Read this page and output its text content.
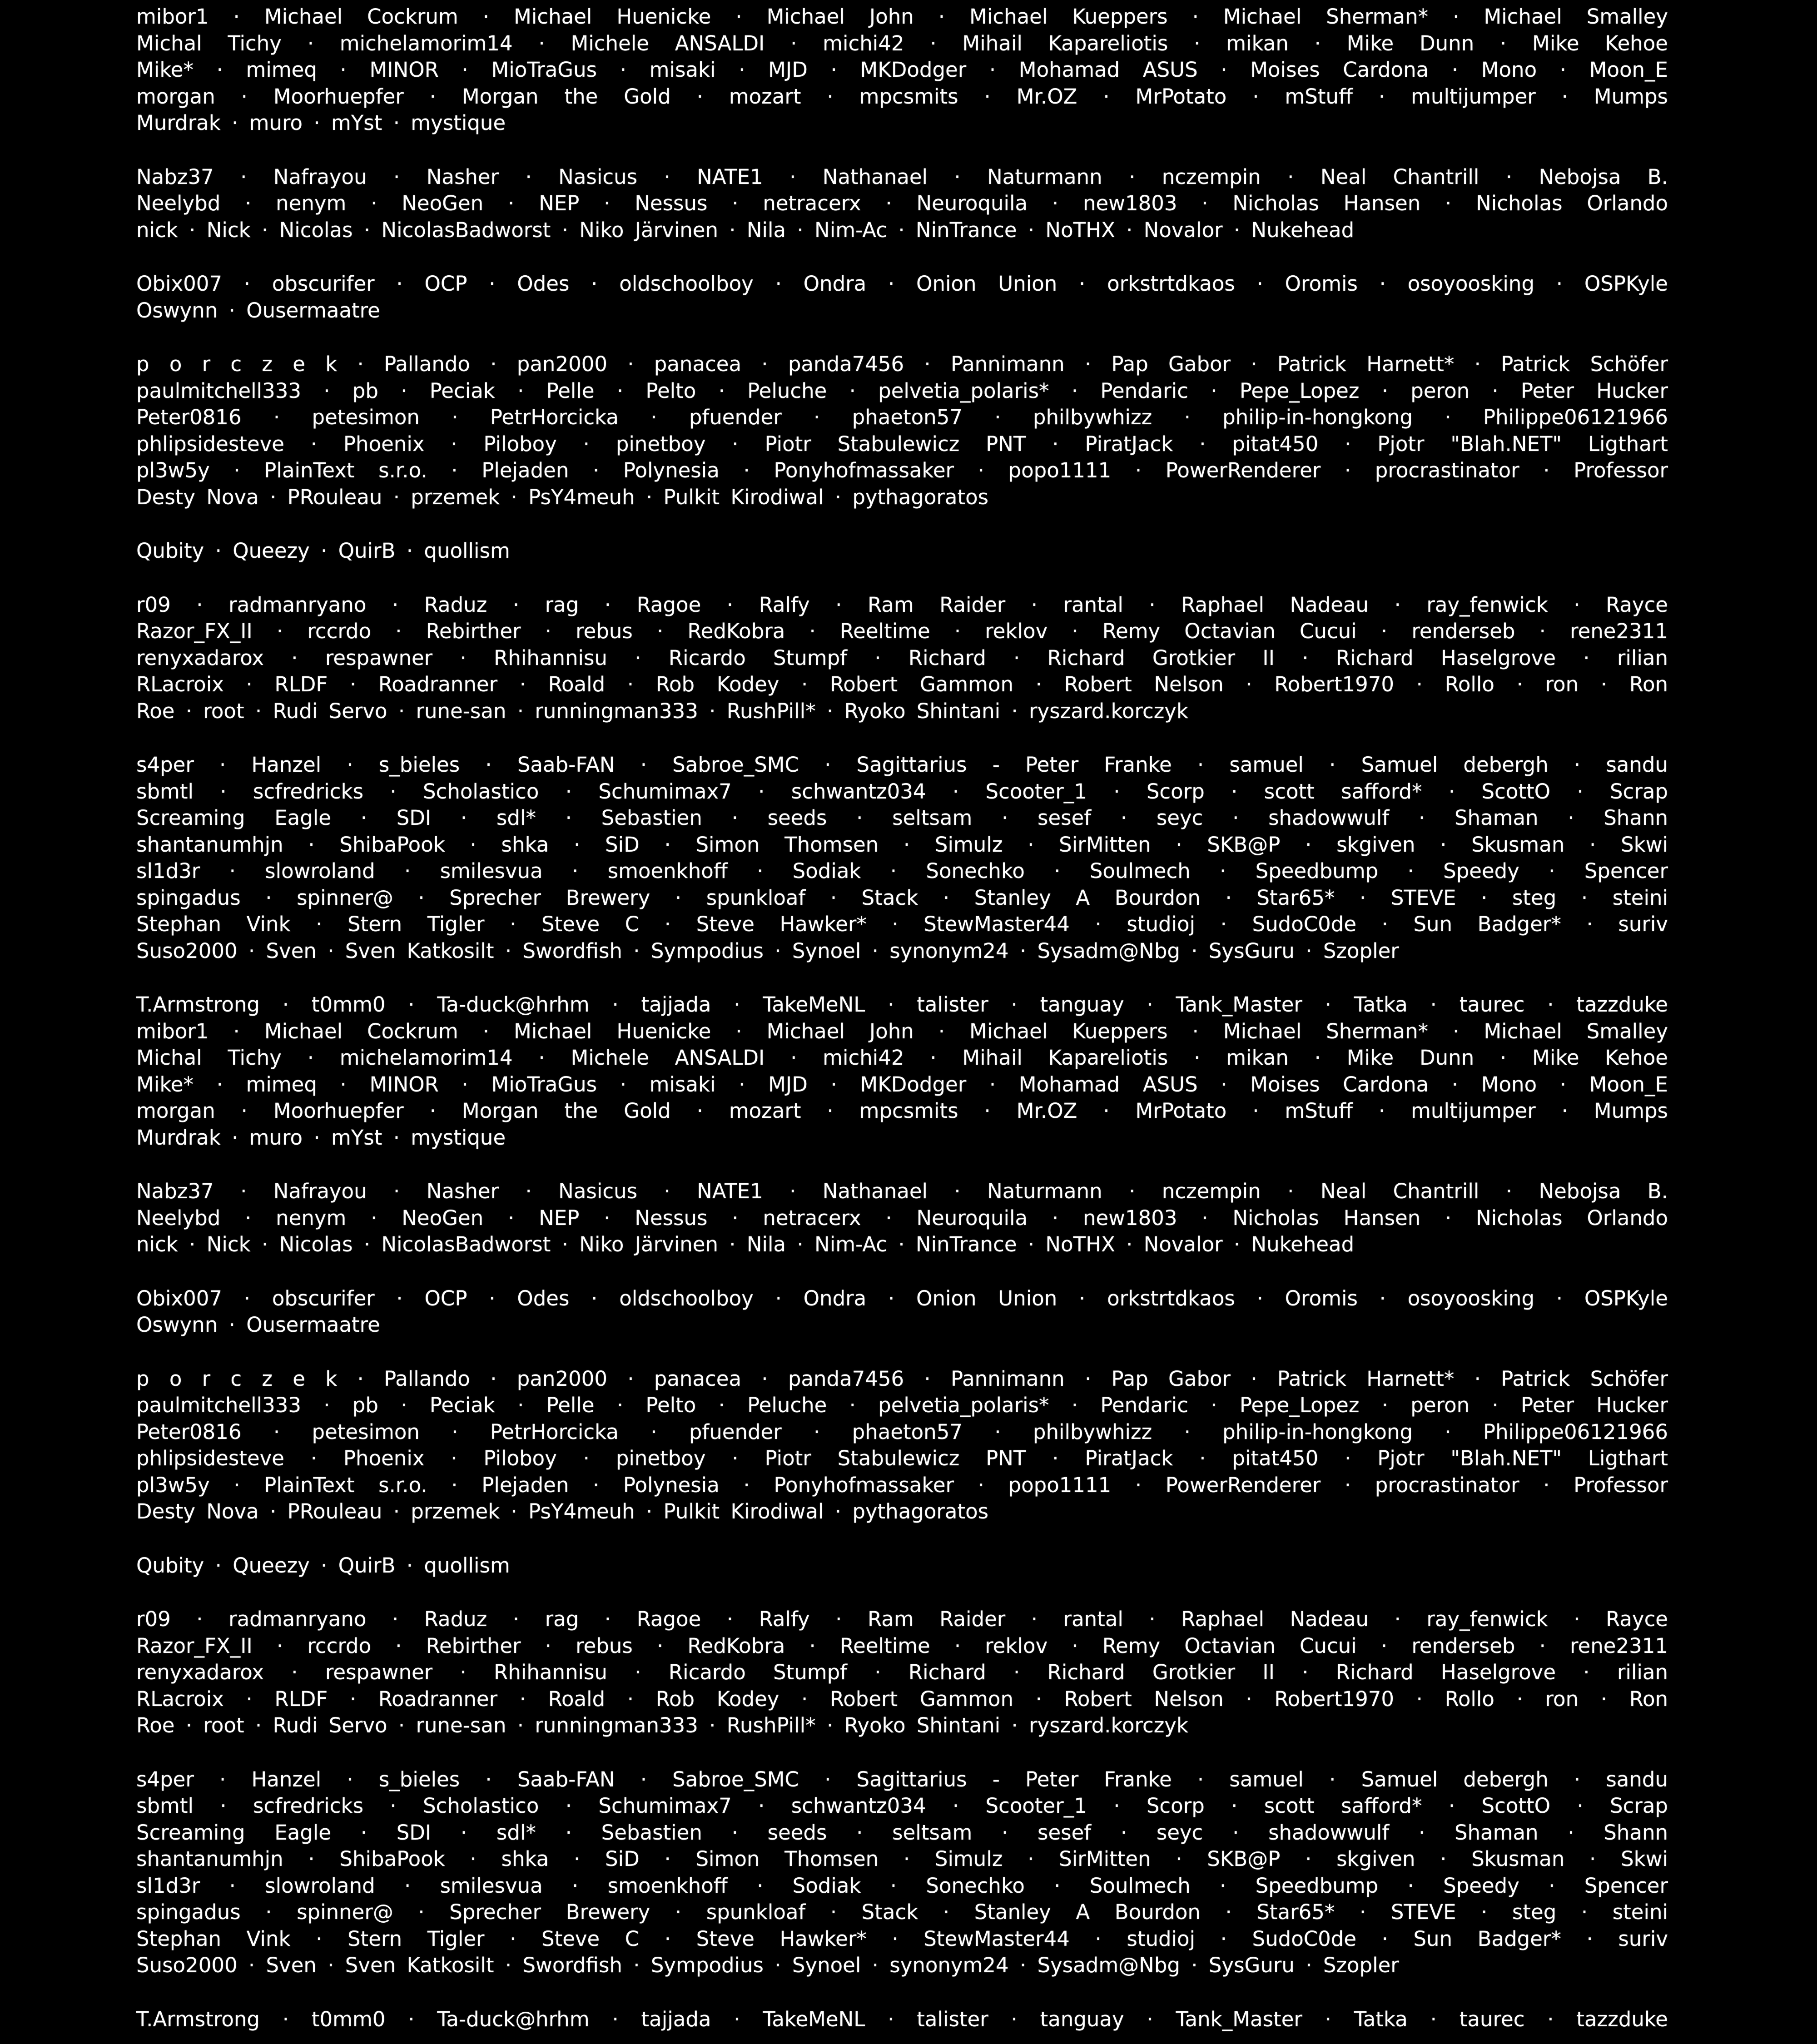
mibor1 · Michael Cockrum · Michael Huenicke · Michael John · Michael Kueppers · Michael Sherman* · Michael Smalley
Michal Tichy · michelamorim14 · Michele ANSALDI · michi42 · Mihail Kapareliotis · mikan · Mike Dunn · Mike Kehoe
Mike* · mimeq · MINOR · MioTraGus · misaki · MJD · MKDodger · Mohamad ASUS · Moises Cardona · Mono · Moon_E
morgan · Moorhuepfer · Morgan the Gold · mozart · mpcsmits · Mr.OZ · MrPotato · mStuff · multijumper · Mumps
Murdrak · muro · mYst · mystique
Nabz37 · Nafrayou · Nasher · Nasicus · NATE1 · Nathanael · Naturmann · nczempin · Neal Chantrill · Nebojsa B.
Neelybd · nenym · NeoGen · NEP · Nessus · netracerx · Neuroquila · new1803 · Nicholas Hansen · Nicholas Orlando
nick · Nick · Nicolas · NicolasBadworst · Niko Järvinen · Nila · Nim-Ac · NinTrance · NoTHX · Novalor · Nukehead
Obix007 · obscurifer · OCP · Odes · oldschoolboy · Ondra · Onion Union · orkstrtdkaos · Oromis · osoyoosking · OSPKyle
Oswynn · Ousermaatre
p o r c z e k · Pallando · pan2000 · panacea · panda7456 · Pannimann · Pap Gabor · Patrick Harnett* · Patrick Schöfer
paulmitchell333 · pb · Peciak · Pelle · Pelto · Peluche · pelvetia_polaris* · Pendaric · Pepe_Lopez · peron · Peter Hucker
Peter0816 · petesimon · PetrHorcicka · pfuender · phaeton57 · philbywhizz · philip-in-hongkong · Philippe06121966
phlipsidesteve · Phoenix · Piloboy · pinetboy · Piotr Stabulewicz PNT · PiratJack · pitat450 · Pjotr "Blah.NET" Ligthart
pl3w5y · PlainText s.r.o. · Plejaden · Polynesia · Ponyhofmassaker · popo1111 · PowerRenderer · procrastinator · Professor
Desty Nova · PRouleau · przemek · PsY4meuh · Pulkit Kirodiwal · pythagoratos
Qubity · Queezy · QuirB · quollism
r09 · radmanryano · Raduz · rag · Ragoe · Ralfy · Ram Raider · rantal · Raphael Nadeau · ray_fenwick · Rayce
Razor_FX_II · rccrdo · Rebirther · rebus · RedKobra · Reeltime · reklov · Remy Octavian Cucui · renderseb · rene2311
renyxadarox · respawner · Rhihannisu · Ricardo Stumpf · Richard · Richard Grotkier II · Richard Haselgrove · rilian
RLacroix · RLDF · Roadranner · Roald · Rob Kodey · Robert Gammon · Robert Nelson · Robert1970 · Rollo · ron · Ron
Roe · root · Rudi Servo · rune-san · runningman333 · RushPill* · Ryoko Shintani · ryszard.korczyk
s4per · Hanzel · s_bieles · Saab-FAN · Sabroe_SMC · Sagittarius - Peter Franke · samuel · Samuel debergh · sandu
sbmtl · scfredricks · Scholastico · Schumimax7 · schwantz034 · Scooter_1 · Scorp · scott safford* · ScottO · Scrap
Screaming Eagle · SDI · sdl* · Sebastien · seeds · seltsam · sesef · seyc · shadowwulf · Shaman · Shann
shantanumhjn · ShibaPook · shka · SiD · Simon Thomsen · Simulz · SirMitten · SKB@P · skgiven · Skusman · Skwi
sl1d3r · slowroland · smilesvua · smoenkhoff · Sodiak · Sonechko · Soulmech · Speedbump · Speedy · Spencer
spingadus · spinner@ · Sprecher Brewery · spunkloaf · Stack · Stanley A Bourdon · Star65* · STEVE · steg · steini
Stephan Vink · Stern Tigler · Steve C · Steve Hawker* · StewMaster44 · studioj · SudoC0de · Sun Badger* · suriv
Suso2000 · Sven · Sven Katkosilt · Swordfish · Sympodius · Synoel · synonym24 · Sysadm@Nbg · SysGuru · Szopler
T.Armstrong · t0mm0 · Ta-duck@hrhm · tajjada · TakeMeNL · talister · tanguay · Tank_Master · Tatka · taurec · tazzduke
mibor1 · Michael Cockrum · Michael Huenicke · Michael John · Michael Kueppers · Michael Sherman* · Michael Smalley
Michal Tichy · michelamorim14 · Michele ANSALDI · michi42 · Mihail Kapareliotis · mikan · Mike Dunn · Mike Kehoe
Mike* · mimeq · MINOR · MioTraGus · misaki · MJD · MKDodger · Mohamad ASUS · Moises Cardona · Mono · Moon_E
morgan · Moorhuepfer · Morgan the Gold · mozart · mpcsmits · Mr.OZ · MrPotato · mStuff · multijumper · Mumps
Murdrak · muro · mYst · mystique
Nabz37 · Nafrayou · Nasher · Nasicus · NATE1 · Nathanael · Naturmann · nczempin · Neal Chantrill · Nebojsa B.
Neelybd · nenym · NeoGen · NEP · Nessus · netracerx · Neuroquila · new1803 · Nicholas Hansen · Nicholas Orlando
nick · Nick · Nicolas · NicolasBadworst · Niko Järvinen · Nila · Nim-Ac · NinTrance · NoTHX · Novalor · Nukehead
Obix007 · obscurifer · OCP · Odes · oldschoolboy · Ondra · Onion Union · orkstrtdkaos · Oromis · osoyoosking · OSPKyle
Oswynn · Ousermaatre
p o r c z e k · Pallando · pan2000 · panacea · panda7456 · Pannimann · Pap Gabor · Patrick Harnett* · Patrick Schöfer
paulmitchell333 · pb · Peciak · Pelle · Pelto · Peluche · pelvetia_polaris* · Pendaric · Pepe_Lopez · peron · Peter Hucker
Peter0816 · petesimon · PetrHorcicka · pfuender · phaeton57 · philbywhizz · philip-in-hongkong · Philippe06121966
phlipsidesteve · Phoenix · Piloboy · pinetboy · Piotr Stabulewicz PNT · PiratJack · pitat450 · Pjotr "Blah.NET" Ligthart
pl3w5y · PlainText s.r.o. · Plejaden · Polynesia · Ponyhofmassaker · popo1111 · PowerRenderer · procrastinator · Professor
Desty Nova · PRouleau · przemek · PsY4meuh · Pulkit Kirodiwal · pythagoratos
Qubity · Queezy · QuirB · quollism
r09 · radmanryano · Raduz · rag · Ragoe · Ralfy · Ram Raider · rantal · Raphael Nadeau · ray_fenwick · Rayce
Razor_FX_II · rccrdo · Rebirther · rebus · RedKobra · Reeltime · reklov · Remy Octavian Cucui · renderseb · rene2311
renyxadarox · respawner · Rhihannisu · Ricardo Stumpf · Richard · Richard Grotkier II · Richard Haselgrove · rilian
RLacroix · RLDF · Roadranner · Roald · Rob Kodey · Robert Gammon · Robert Nelson · Robert1970 · Rollo · ron · Ron
Roe · root · Rudi Servo · rune-san · runningman333 · RushPill* · Ryoko Shintani · ryszard.korczyk
s4per · Hanzel · s_bieles · Saab-FAN · Sabroe_SMC · Sagittarius - Peter Franke · samuel · Samuel debergh · sandu
sbmtl · scfredricks · Scholastico · Schumimax7 · schwantz034 · Scooter_1 · Scorp · scott safford* · ScottO · Scrap
Screaming Eagle · SDI · sdl* · Sebastien · seeds · seltsam · sesef · seyc · shadowwulf · Shaman · Shann
shantanumhjn · ShibaPook · shka · SiD · Simon Thomsen · Simulz · SirMitten · SKB@P · skgiven · Skusman · Skwi
sl1d3r · slowroland · smilesvua · smoenkhoff · Sodiak · Sonechko · Soulmech · Speedbump · Speedy · Spencer
spingadus · spinner@ · Sprecher Brewery · spunkloaf · Stack · Stanley A Bourdon · Star65* · STEVE · steg · steini
Stephan Vink · Stern Tigler · Steve C · Steve Hawker* · StewMaster44 · studioj · SudoC0de · Sun Badger* · suriv
Suso2000 · Sven · Sven Katkosilt · Swordfish · Sympodius · Synoel · synonym24 · Sysadm@Nbg · SysGuru · Szopler
T.Armstrong · t0mm0 · Ta-duck@hrhm · tajjada · TakeMeNL · talister · tanguay · Tank_Master · Tatka · taurec · tazzduke
